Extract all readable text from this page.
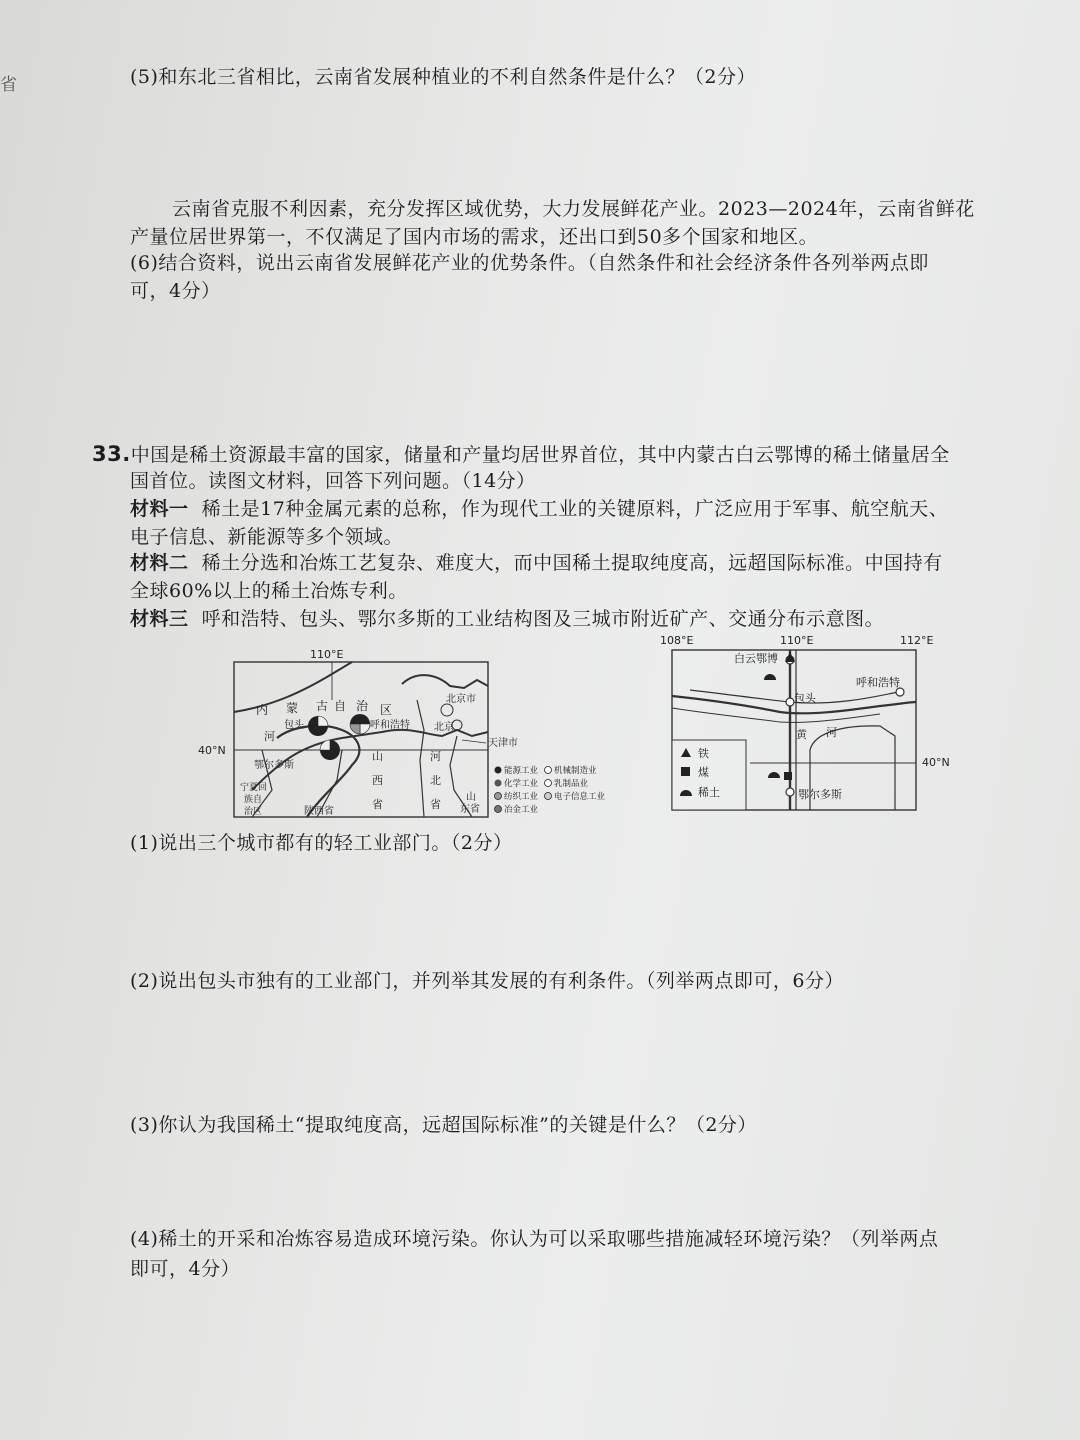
省	(5)和东北三省相比，云南省发展种植业的不利自然条件是什么？（2分）
云南省克服不利因素，充分发挥区域优势，大力发展鲜花产业。2023—2024年，云南省鲜花
产量位居世界第一，不仅满足了国内市场的需求，还出口到50多个国家和地区。
(6)结合资料，说出云南省发展鲜花产业的优势条件。（自然条件和社会经济条件各列举两点即
可，4分）
33.中国是稀土资源最丰富的国家，储量和产量均居世界首位，其中内蒙古白云鄂博的稀土储量居全
国首位。读图文材料，回答下列问题。（14分）
材料一 稀土是17种金属元素的总称，作为现代工业的关键原料，广泛应用于军事、航空航天、
电子信息、新能源等多个领域。
材料二 稀土分选和冶炼工艺复杂、难度大，而中国稀土提取纯度高，远超国际标准。中国持有
全球60%以上的稀土冶炼专利。
材料三 呼和浩特、包头、鄂尔多斯的工业结构图及三城市附近矿产、交通分布示意图。
110°E
40°N
内 蒙 古 自 治 区
包头	呼和浩特
鄂尔多斯
北京市
北京
天津市
河
山
西
省
河
北
省
宁夏回
族自
治区	陕西省
山
东省
能源工业 机械制造业
化学工业 乳制品业
纺织工业 电子信息工业
冶金工业
108°E	110°E	112°E
40°N
白云鄂博
呼和浩特
包头
鄂尔多斯
黄 河
铁
煤
稀土
(1)说出三个城市都有的轻工业部门。（2分）
(2)说出包头市独有的工业部门，并列举其发展的有利条件。（列举两点即可，6分）
(3)你认为我国稀土“提取纯度高，远超国际标准”的关键是什么？（2分）
(4)稀土的开采和冶炼容易造成环境污染。你认为可以采取哪些措施减轻环境污染？（列举两点
即可，4分）
